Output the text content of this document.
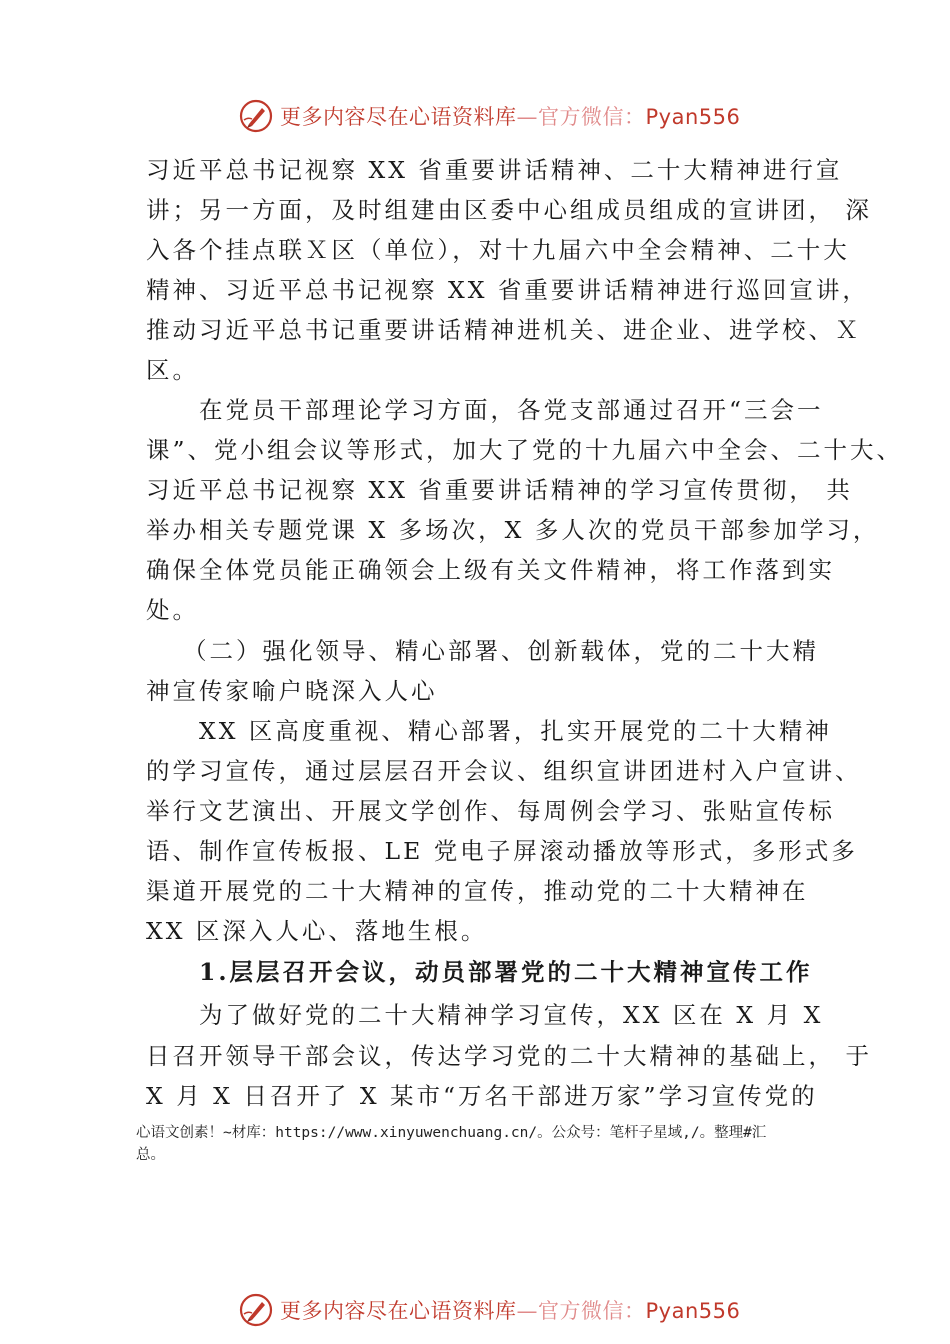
更多内容尽在心语资料库—官方微信：Pyan556
习近平总书记视察 XX 省重要讲话精神、二十大精神进行宣
讲；另一方面，及时组建由区委中心组成员组成的宣讲团， 深
入各个挂点联Ｘ区（单位），对十九届六中全会精神、二十大
精神、习近平总书记视察 XX 省重要讲话精神进行巡回宣讲，
推动习近平总书记重要讲话精神进机关、进企业、进学校、Ｘ
区。
　　在党员干部理论学习方面，各党支部通过召开“三会一
课”、党小组会议等形式，加大了党的十九届六中全会、二十大、
习近平总书记视察 XX 省重要讲话精神的学习宣传贯彻， 共
举办相关专题党课 X 多场次，X 多人次的党员干部参加学习，
确保全体党员能正确领会上级有关文件精神，将工作落到实
处。
　 （二）强化领导、精心部署、创新载体，党的二十大精
神宣传家喻户晓深入人心
　　XX 区高度重视、精心部署，扎实开展党的二十大精神
的学习宣传，通过层层召开会议、组织宣讲团进村入户宣讲、
举行文艺演出、开展文学创作、每周例会学习、张贴宣传标
语、制作宣传板报、LE 党电子屏滚动播放等形式，多形式多
渠道开展党的二十大精神的宣传，推动党的二十大精神在
XX 区深入人心、落地生根。
　　1.层层召开会议，动员部署党的二十大精神宣传工作
　　为了做好党的二十大精神学习宣传，XX 区在 X 月 X
日召开领导干部会议，传达学习党的二十大精神的基础上， 于
X 月 X 日召开了 X 某市“万名干部进万家”学习宣传党的
心语文创素！~材库：https://www.xinyuwenchuang.cn/。公众号：笔杆子星域,/。整理#汇
总。
更多内容尽在心语资料库—官方微信：Pyan556
